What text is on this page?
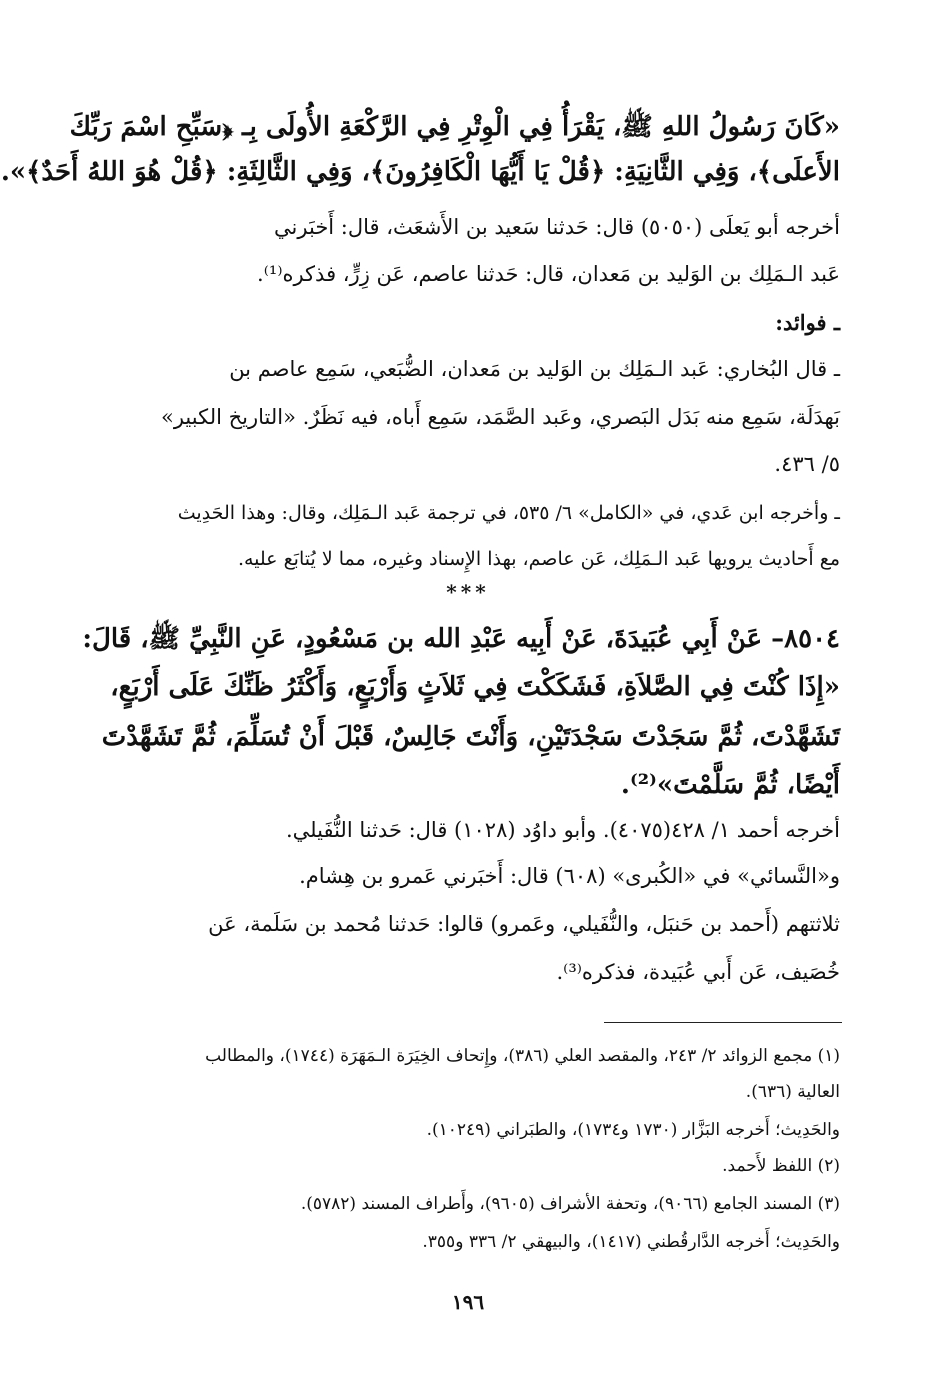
«كَانَ رَسُولُ اللهِ ﷺ، يَقْرَأُ فِي الْوِتْرِ فِي الرَّكْعَةِ الأُولَى بِـ ﴿سَبِّحِ اسْمَ رَبِّكَ
الأَعلَى﴾، وَفِي الثَّانِيَةِ: ﴿قُلْ يَا أَيُّهَا الْكَافِرُونَ﴾، وَفِي الثَّالِثَةِ: ﴿قُلْ هُوَ اللهُ أَحَدٌ﴾».
أخرجه أبو يَعلَى (٥٠٥٠) قال: حَدثنا سَعيد بن الأَشعَث، قال: أَخبَرني
عَبد الـمَلِك بن الوَليد بن مَعدان، قال: حَدثنا عاصم، عَن زِرٍّ، فذكره⁽¹⁾.
ـ فوائد:
ـ قال البُخاري: عَبد الـمَلِك بن الوَليد بن مَعدان، الضُّبَعي، سَمِع عاصم بن
بَهدَلَة، سَمِع منه بَدَل البَصري، وعَبد الصَّمَد، سَمِع أَباه، فيه نَظَرٌ. «التاريخ الكبير»
٥/ ٤٣٦.
ـ وأخرجه ابن عَدي، في «الكامل» ٦/ ٥٣٥، في ترجمة عَبد الـمَلِك، وقال: وهذا الحَدِيث
مع أَحاديث يرويها عَبد الـمَلِك، عَن عاصم، بهذا الإِسناد وغيره، مما لا يُتابَع عليه.
***
٨٥٠٤– عَنْ أَبِي عُبَيدَةَ، عَنْ أَبِيه عَبْدِ الله بن مَسْعُودٍ، عَنِ النَّبِيِّ ﷺ، قَالَ:
«إِذَا كُنْتَ فِي الصَّلاَةِ، فَشَكَكْتَ فِي ثَلاَثٍ وَأَرْبَعٍ، وَأَكْثَرُ ظَنِّكَ عَلَى أَرْبَعٍ،
تَشَهَّدْتَ، ثُمَّ سَجَدْتَ سَجْدَتَيْنِ، وَأَنْتَ جَالِسٌ، قَبْلَ أَنْ تُسَلِّمَ، ثُمَّ تَشَهَّدْتَ
أَيْضًا، ثُمَّ سَلَّمْتَ»⁽²⁾.
أخرجه أحمد ١/ ٤٢٨(٤٠٧٥). وأبو داوُد (١٠٢٨) قال: حَدثنا النُّفَيلي.
و«النَّسائي» في «الكُبرى» (٦٠٨) قال: أَخبَرني عَمرو بن هِشام.
ثلاثتهم (أَحمد بن حَنبَل، والنُّفَيلي، وعَمرو) قالوا: حَدثنا مُحمد بن سَلَمة، عَن
خُصَيف، عَن أَبي عُبَيدة، فذكره⁽³⁾.
(١) مجمع الزوائد ٢/ ٢٤٣، والمقصد العلي (٣٨٦)، وإِتحاف الخِيَرَة الـمَهَرَة (١٧٤٤)، والمطالب
العالية (٦٣٦).
والحَدِيث؛ أَخرجه البَزَّار (١٧٣٠ و١٧٣٤)، والطبَراني (١٠٢٤٩).
(٢) اللفظ لأَحمد.
(٣) المسند الجامع (٩٠٦٦)، وتحفة الأشراف (٩٦٠٥)، وأَطراف المسند (٥٧٨٢).
والحَدِيث؛ أَخرجه الدَّارقُطني (١٤١٧)، والبيهقي ٢/ ٣٣٦ و٣٥٥.
١٩٦
